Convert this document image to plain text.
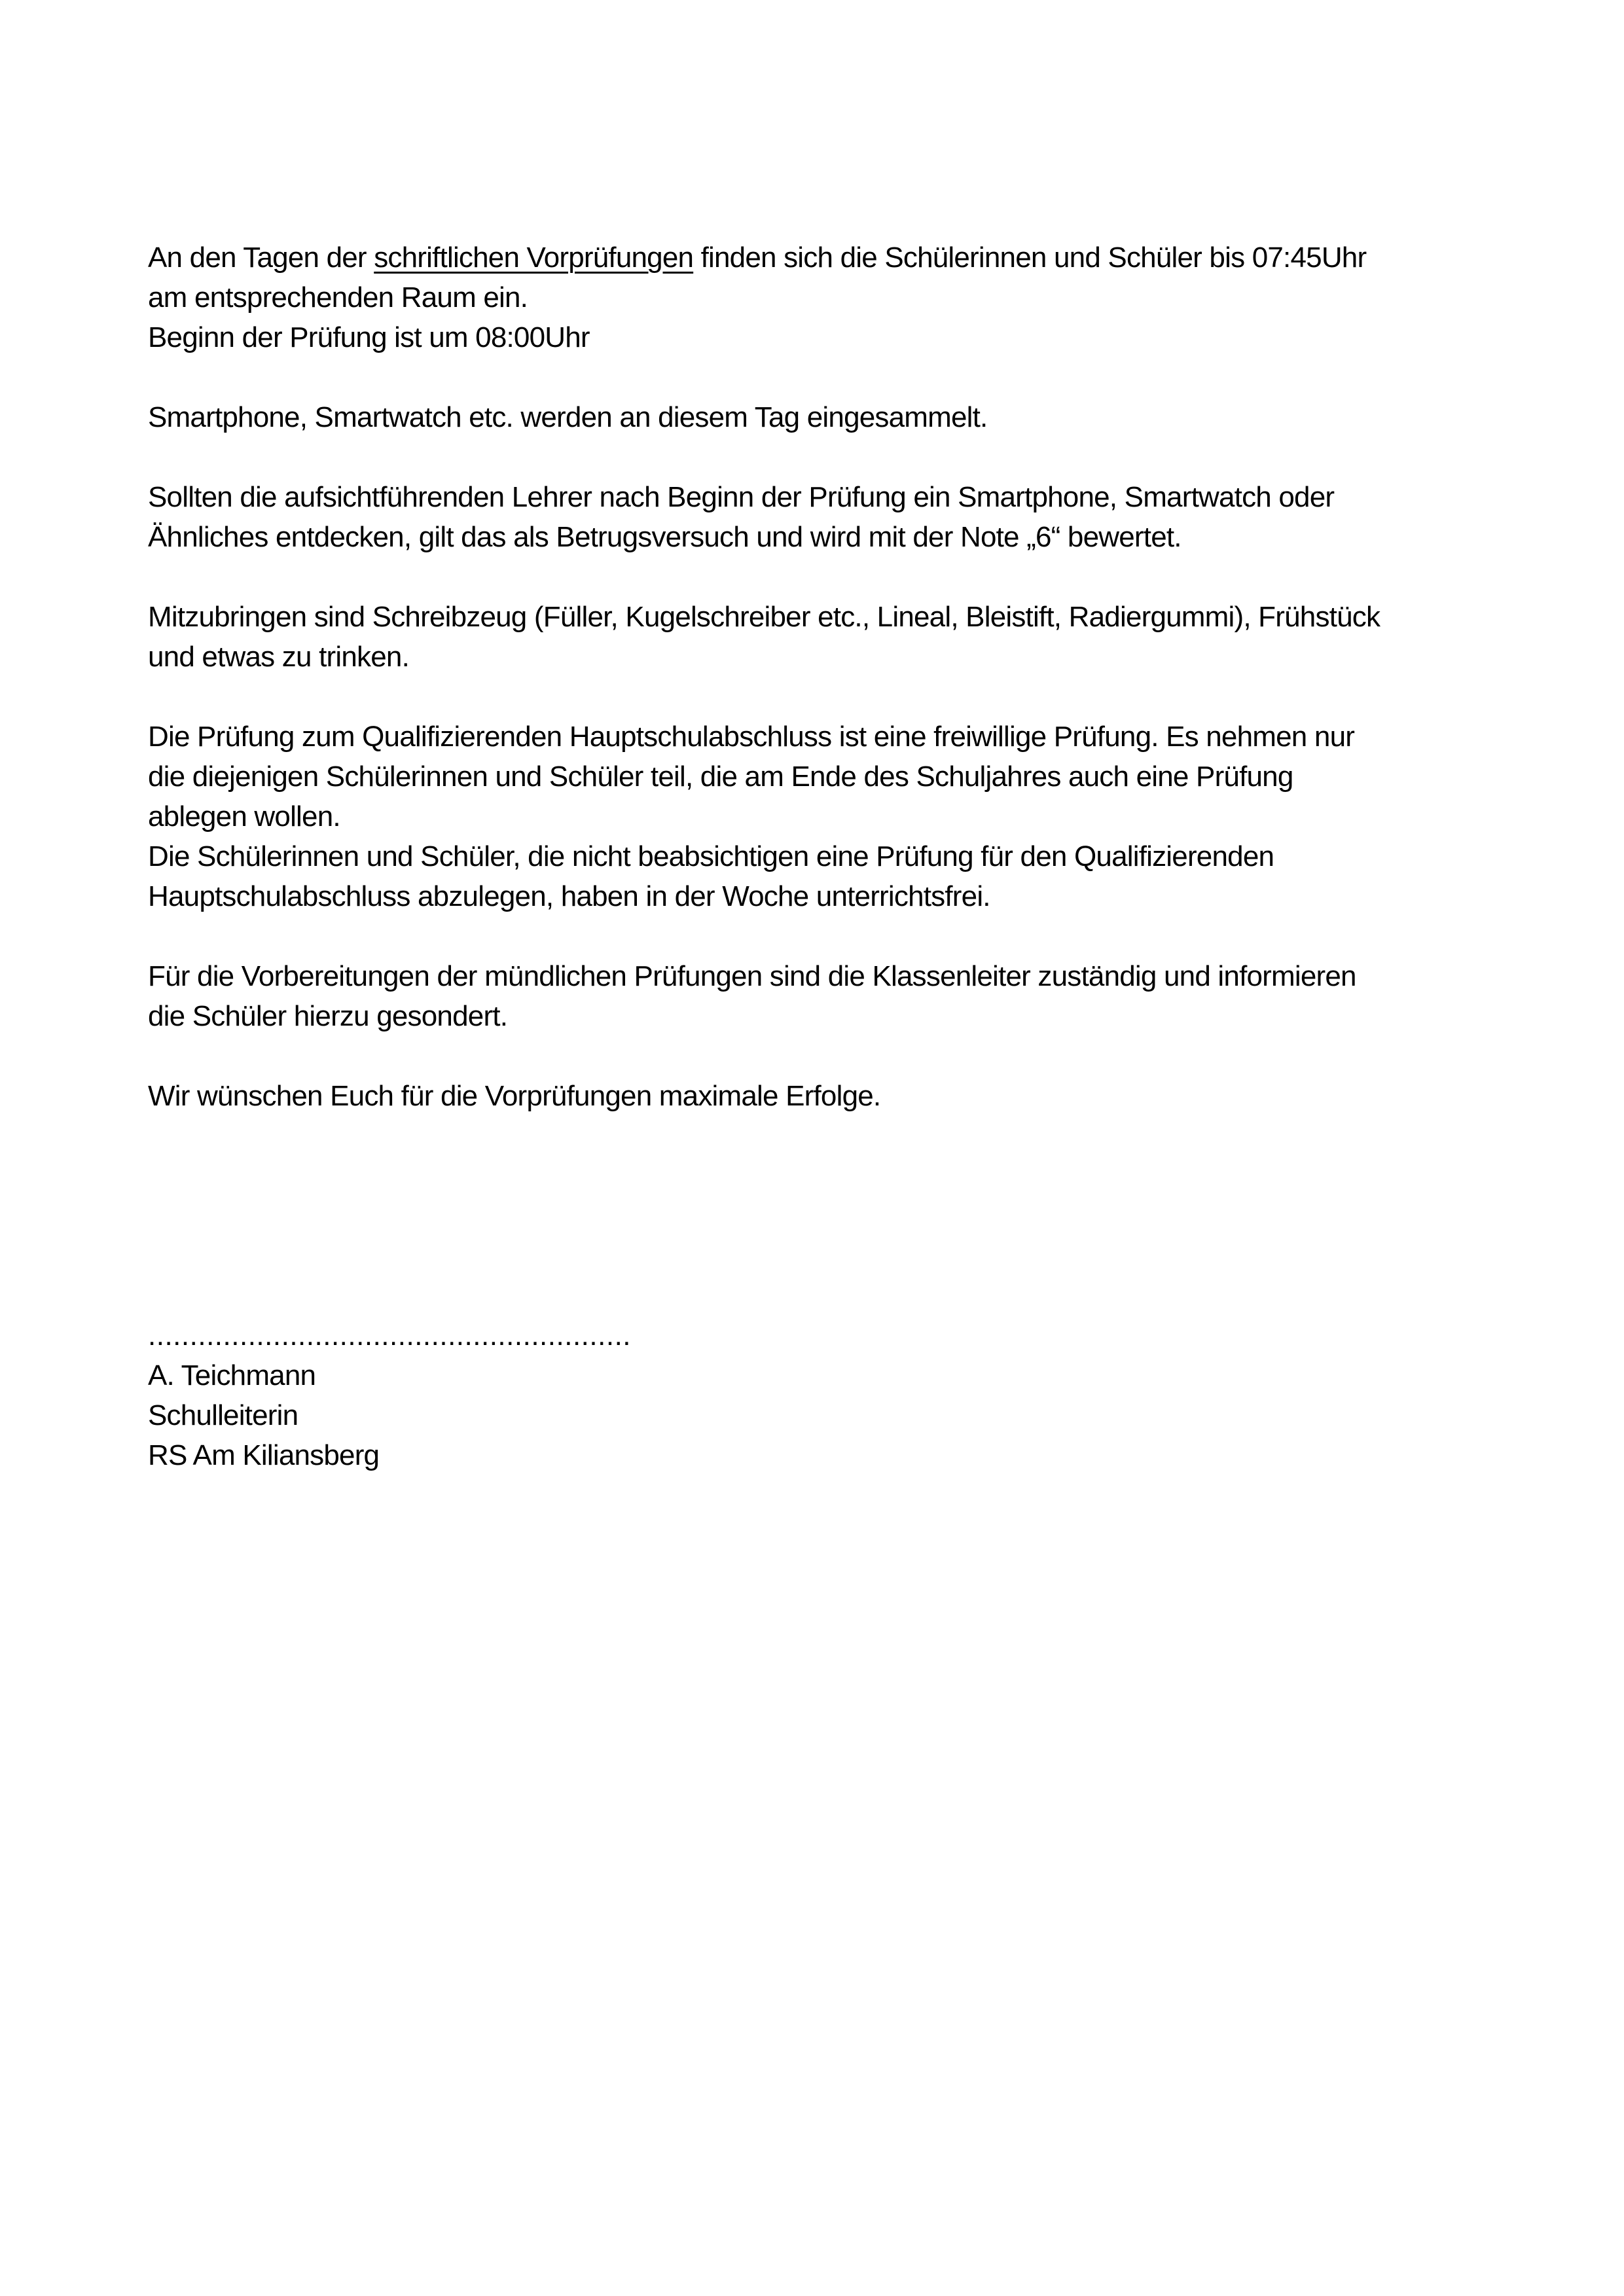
An den Tagen der schriftlichen Vorprüfungen finden sich die Schülerinnen und Schüler bis 07:45Uhr
am entsprechenden Raum ein.
Beginn der Prüfung ist um 08:00Uhr
Smartphone, Smartwatch etc. werden an diesem Tag eingesammelt.
Sollten die aufsichtführenden Lehrer nach Beginn der Prüfung ein Smartphone, Smartwatch oder
Ähnliches entdecken, gilt das als Betrugsversuch und wird mit der Note „6“ bewertet.
Mitzubringen sind Schreibzeug (Füller, Kugelschreiber etc., Lineal, Bleistift, Radiergummi), Frühstück
und etwas zu trinken.
Die Prüfung zum Qualifizierenden Hauptschulabschluss ist eine freiwillige Prüfung. Es nehmen nur
die diejenigen Schülerinnen und Schüler teil, die am Ende des Schuljahres auch eine Prüfung
ablegen wollen.
Die Schülerinnen und Schüler, die nicht beabsichtigen eine Prüfung für den Qualifizierenden
Hauptschulabschluss abzulegen, haben in der Woche unterrichtsfrei.
Für die Vorbereitungen der mündlichen Prüfungen sind die Klassenleiter zuständig und informieren
die Schüler hierzu gesondert.
Wir wünschen Euch für die Vorprüfungen maximale Erfolge.
..........................................................
A. Teichmann
Schulleiterin
RS Am Kiliansberg
